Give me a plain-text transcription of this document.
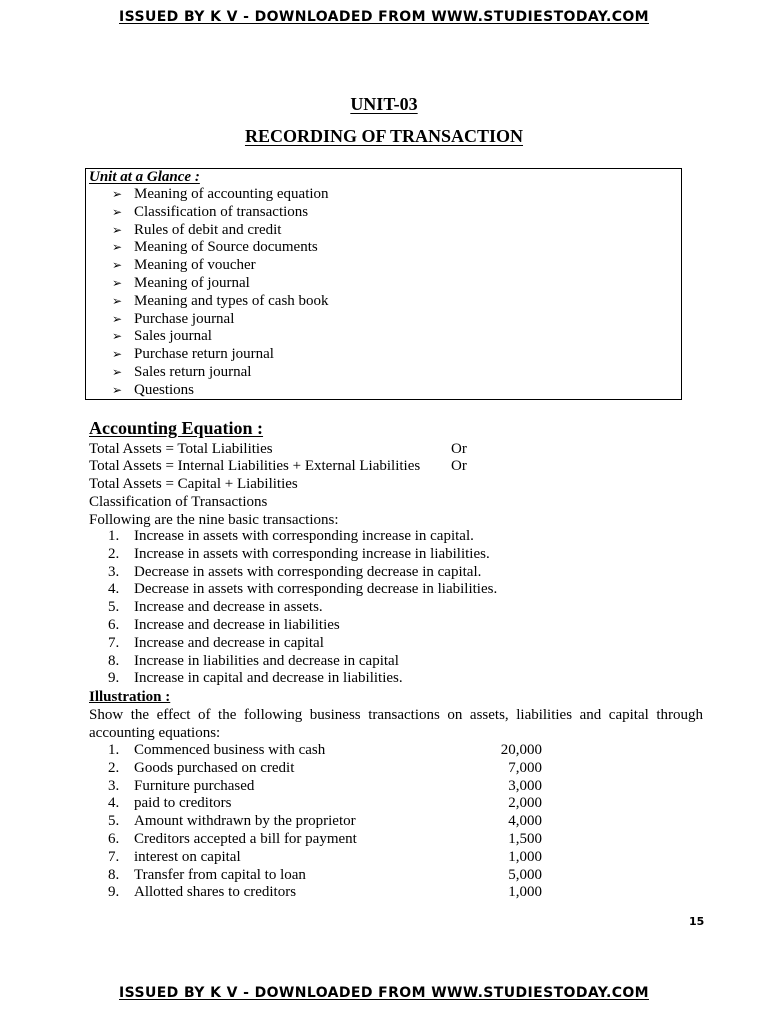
ISSUED BY K V - DOWNLOADED FROM WWW.STUDIESTODAY.COM
UNIT-03
RECORDING OF TRANSACTION
Unit at a Glance :
➢ Meaning of accounting equation
➢ Classification of transactions
➢ Rules of debit and credit
➢ Meaning of Source documents
➢ Meaning of voucher
➢ Meaning of journal
➢ Meaning and types of cash book
➢ Purchase journal
➢ Sales journal
➢ Purchase return journal
➢ Sales return journal
➢ Questions
Accounting Equation :
Total Assets = Total Liabilities	Or
Total Assets = Internal Liabilities + External Liabilities Or
Total Assets = Capital + Liabilities
Classification of Transactions
Following are the nine basic transactions:
1. Increase in assets with corresponding increase in capital.
2. Increase in assets with corresponding increase in liabilities.
3. Decrease in assets with corresponding decrease in capital.
4. Decrease in assets with corresponding decrease in liabilities.
5. Increase and decrease in assets.
6. Increase and decrease in liabilities
7. Increase and decrease in capital
8. Increase in liabilities and decrease in capital
9. Increase in capital and decrease in liabilities.
Illustration :
Show the effect of the following business transactions on assets, liabilities and capital through accounting equations:
1. Commenced business with cash	20,000
2. Goods purchased on credit	7,000
3. Furniture purchased	3,000
4. paid to creditors	2,000
5. Amount withdrawn by the proprietor	4,000
6. Creditors accepted a bill for payment	1,500
7. interest on capital	1,000
8. Transfer from capital to loan	5,000
9. Allotted shares to creditors	1,000
15
ISSUED BY K V - DOWNLOADED FROM WWW.STUDIESTODAY.COM
